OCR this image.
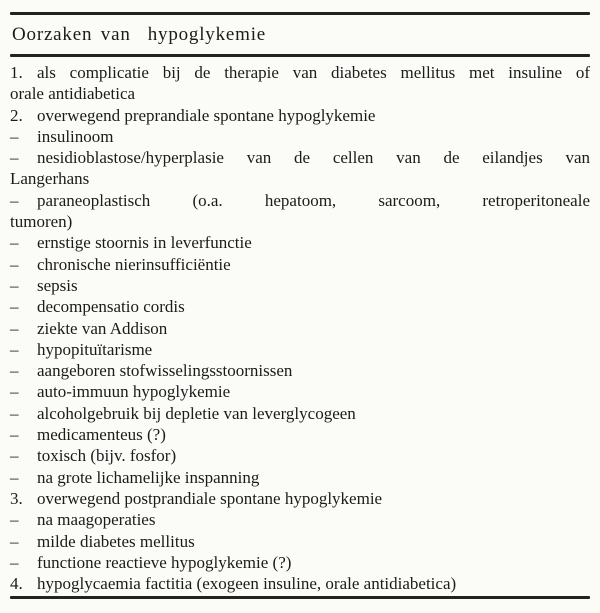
Oorzaken van  hypoglykemie
1. als complicatie bij de therapie van diabetes mellitus met insuline of
orale antidiabetica
2. overwegend preprandiale spontane hypoglykemie
– insulinoom
– nesidioblastose/hyperplasie van de cellen van de eilandjes van
Langerhans
– paraneoplastisch (o.a. hepatoom, sarcoom, retroperitoneale
tumoren)
– ernstige stoornis in leverfunctie
– chronische nierinsufficiëntie
– sepsis
– decompensatio cordis
– ziekte van Addison
– hypopituïtarisme
– aangeboren stofwisselingsstoornissen
– auto-immuun hypoglykemie
– alcoholgebruik bij depletie van leverglycogeen
– medicamenteus (?)
– toxisch (bijv. fosfor)
– na grote lichamelijke inspanning
3. overwegend postprandiale spontane hypoglykemie
– na maagoperaties
– milde diabetes mellitus
– functione reactieve hypoglykemie (?)
4. hypoglycaemia factitia (exogeen insuline, orale antidiabetica)
